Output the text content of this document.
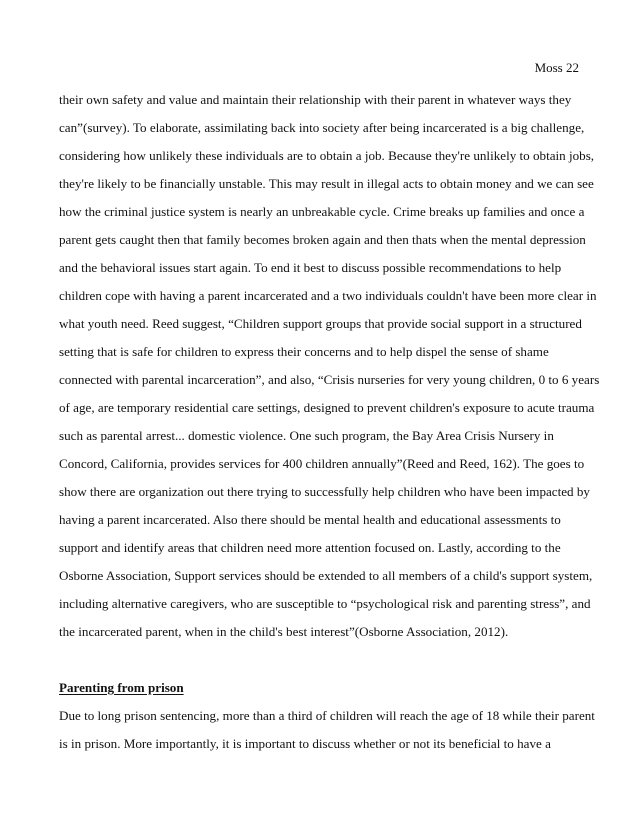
Moss 22
their own safety and value and maintain their relationship with their parent in whatever ways they
can”(survey). To elaborate, assimilating back into society after being incarcerated is a big challenge,
considering how unlikely these individuals are to obtain a job. Because they're unlikely to obtain jobs,
they're likely to be financially unstable. This may result in illegal acts to obtain money and we can see
how the criminal justice system is nearly an unbreakable cycle. Crime breaks up families and once a
parent gets caught then that family becomes broken again and then thats when the mental depression
and the behavioral issues start again. To end it best to discuss possible recommendations to help
children cope with having a parent incarcerated and a two individuals couldn't have been more clear in
what youth need. Reed suggest, “Children support groups that provide social support in a structured
setting that is safe for children to express their concerns and to help dispel the sense of shame
connected with parental incarceration”, and also, “Crisis nurseries for very young children, 0 to 6 years
of age, are temporary residential care settings, designed to prevent children's exposure to acute trauma
such as parental arrest... domestic violence. One such program, the Bay Area Crisis Nursery in
Concord, California, provides services for 400 children annually”(Reed and Reed, 162). The goes to
show there are organization out there trying to successfully help children who have been impacted by
having a parent incarcerated. Also there should be mental health and educational assessments to
support and identify areas that children need more attention focused on. Lastly, according to the
Osborne Association, Support services should be extended to all members of a child's support system,
including alternative caregivers, who are susceptible to “psychological risk and parenting stress”, and
the incarcerated parent, when in the child's best interest”(Osborne Association, 2012).
Parenting from prison
Due to long prison sentencing, more than a third of children will reach the age of 18 while their parent
is in prison. More importantly, it is important to discuss whether or not its beneficial to have a
